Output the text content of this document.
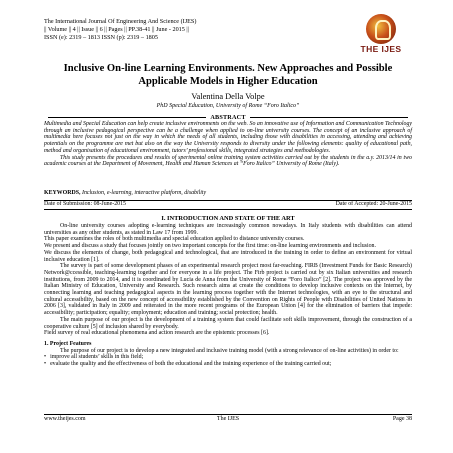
The International Journal Of Engineering And Science (IJES)
|| Volume || 4 || Issue || 6 || Pages || PP.38-41 || June - 2015 ||
ISSN (e): 2319 – 1813 ISSN (p): 2319 – 1805
THE IJES
Inclusive On-line Learning Environments. New Approaches and Possible Applicable Models in Higher Education
Valentina Della Volpe
PhD Special Education, University of Rome “Foro Italico”
ABSTRACT

Multimedia and Special Education can help create inclusive environments on the web. So an innovative use of Information and Communication Technology through an inclusive pedagogical perspective can be a challenge when applied to on-line university courses. The concept of an inclusive approach of multimedia here focuses not just on the way in which the needs of all students, including those with disabilities in accessing, attending and achieving potentials on the programme are met but also on the way the University responds to diversity under the following elements: quality of educational path, method and organisation of educational environment, tutors’ professional skills, integrated strategies and methodologies.

This study presents the procedures and results of sperimental online training system activities carried out by the students in the a.y. 2013/14 in two academic courses at the Department of Movement, Health and Human Sciences at “Foro Italico” University of Rome (Italy).

KEYWORDS, Inclusion, e-learning, interactive platform, disability
Date of Submission: 08-June-2015	Date of Accepted: 20-June-2015
I. INTRODUCTION AND STATE OF THE ART

On-line university courses adopting e-learning techniques are increasingly common nowadays. In Italy students with disabilities can attend universities as any other students, as stated in Law 17 from 1999.

This paper examines the roles of both multimedia and special education applied to distance university courses.

We present and discuss a study that focuses jointly on two important concepts for the first time: on-line learning environments and inclusion.

We discuss the elements of change, both pedagogical and technological, that are introduced in the training in order to define an environment for virtual inclusive education [1].

The survey is part of some development phases of an experimental research project most far-reaching. FIRB (Investment Funds for Basic Research) Network@ccessible, teaching-learning together and for everyone in a life project. The Firb project is carried out by six Italian universities and research institutions, from 2009 to 2014, and it is coordinated by Lucia de Anna from the University of Rome “Foro Italico” [2]. The project was approved by the Italian Ministry of Education, University and Research. Such research aims at create the conditions to develop inclusive contexts on the Internet, by connecting learning and teaching pedagogical aspects in the learning process together with the Internet technologies, with an eye to the structural and cultural accessibility, based on the new concept of accessibility established by the Convention on Rights of People with Disabilities of United Nations in 2006 [3], validated in Italy in 2009 and reiterated in the more recent programs of the European Union [4] for the elimination of barriers that impede: accessibility; participation; equality; employment; education and training; social protection; health.

The main purpose of our project is the development of a training system that could facilitate soft skills improvement, through the construction of a cooperative culture [5] of inclusion shared by everybody.

Field survey of real educational phenomena and action research are the epistemic processes [6].

1. Project Features

The purpose of our project is to develop a new integrated and inclusive training model (with a strong relevance of on-line activities) in order to:

• improve all students’ skills in this field;

• evaluate the quality and the effectiveness of both the educational and the training experience of the training carried out;

www.theijes.com	The IJES	Page 38
